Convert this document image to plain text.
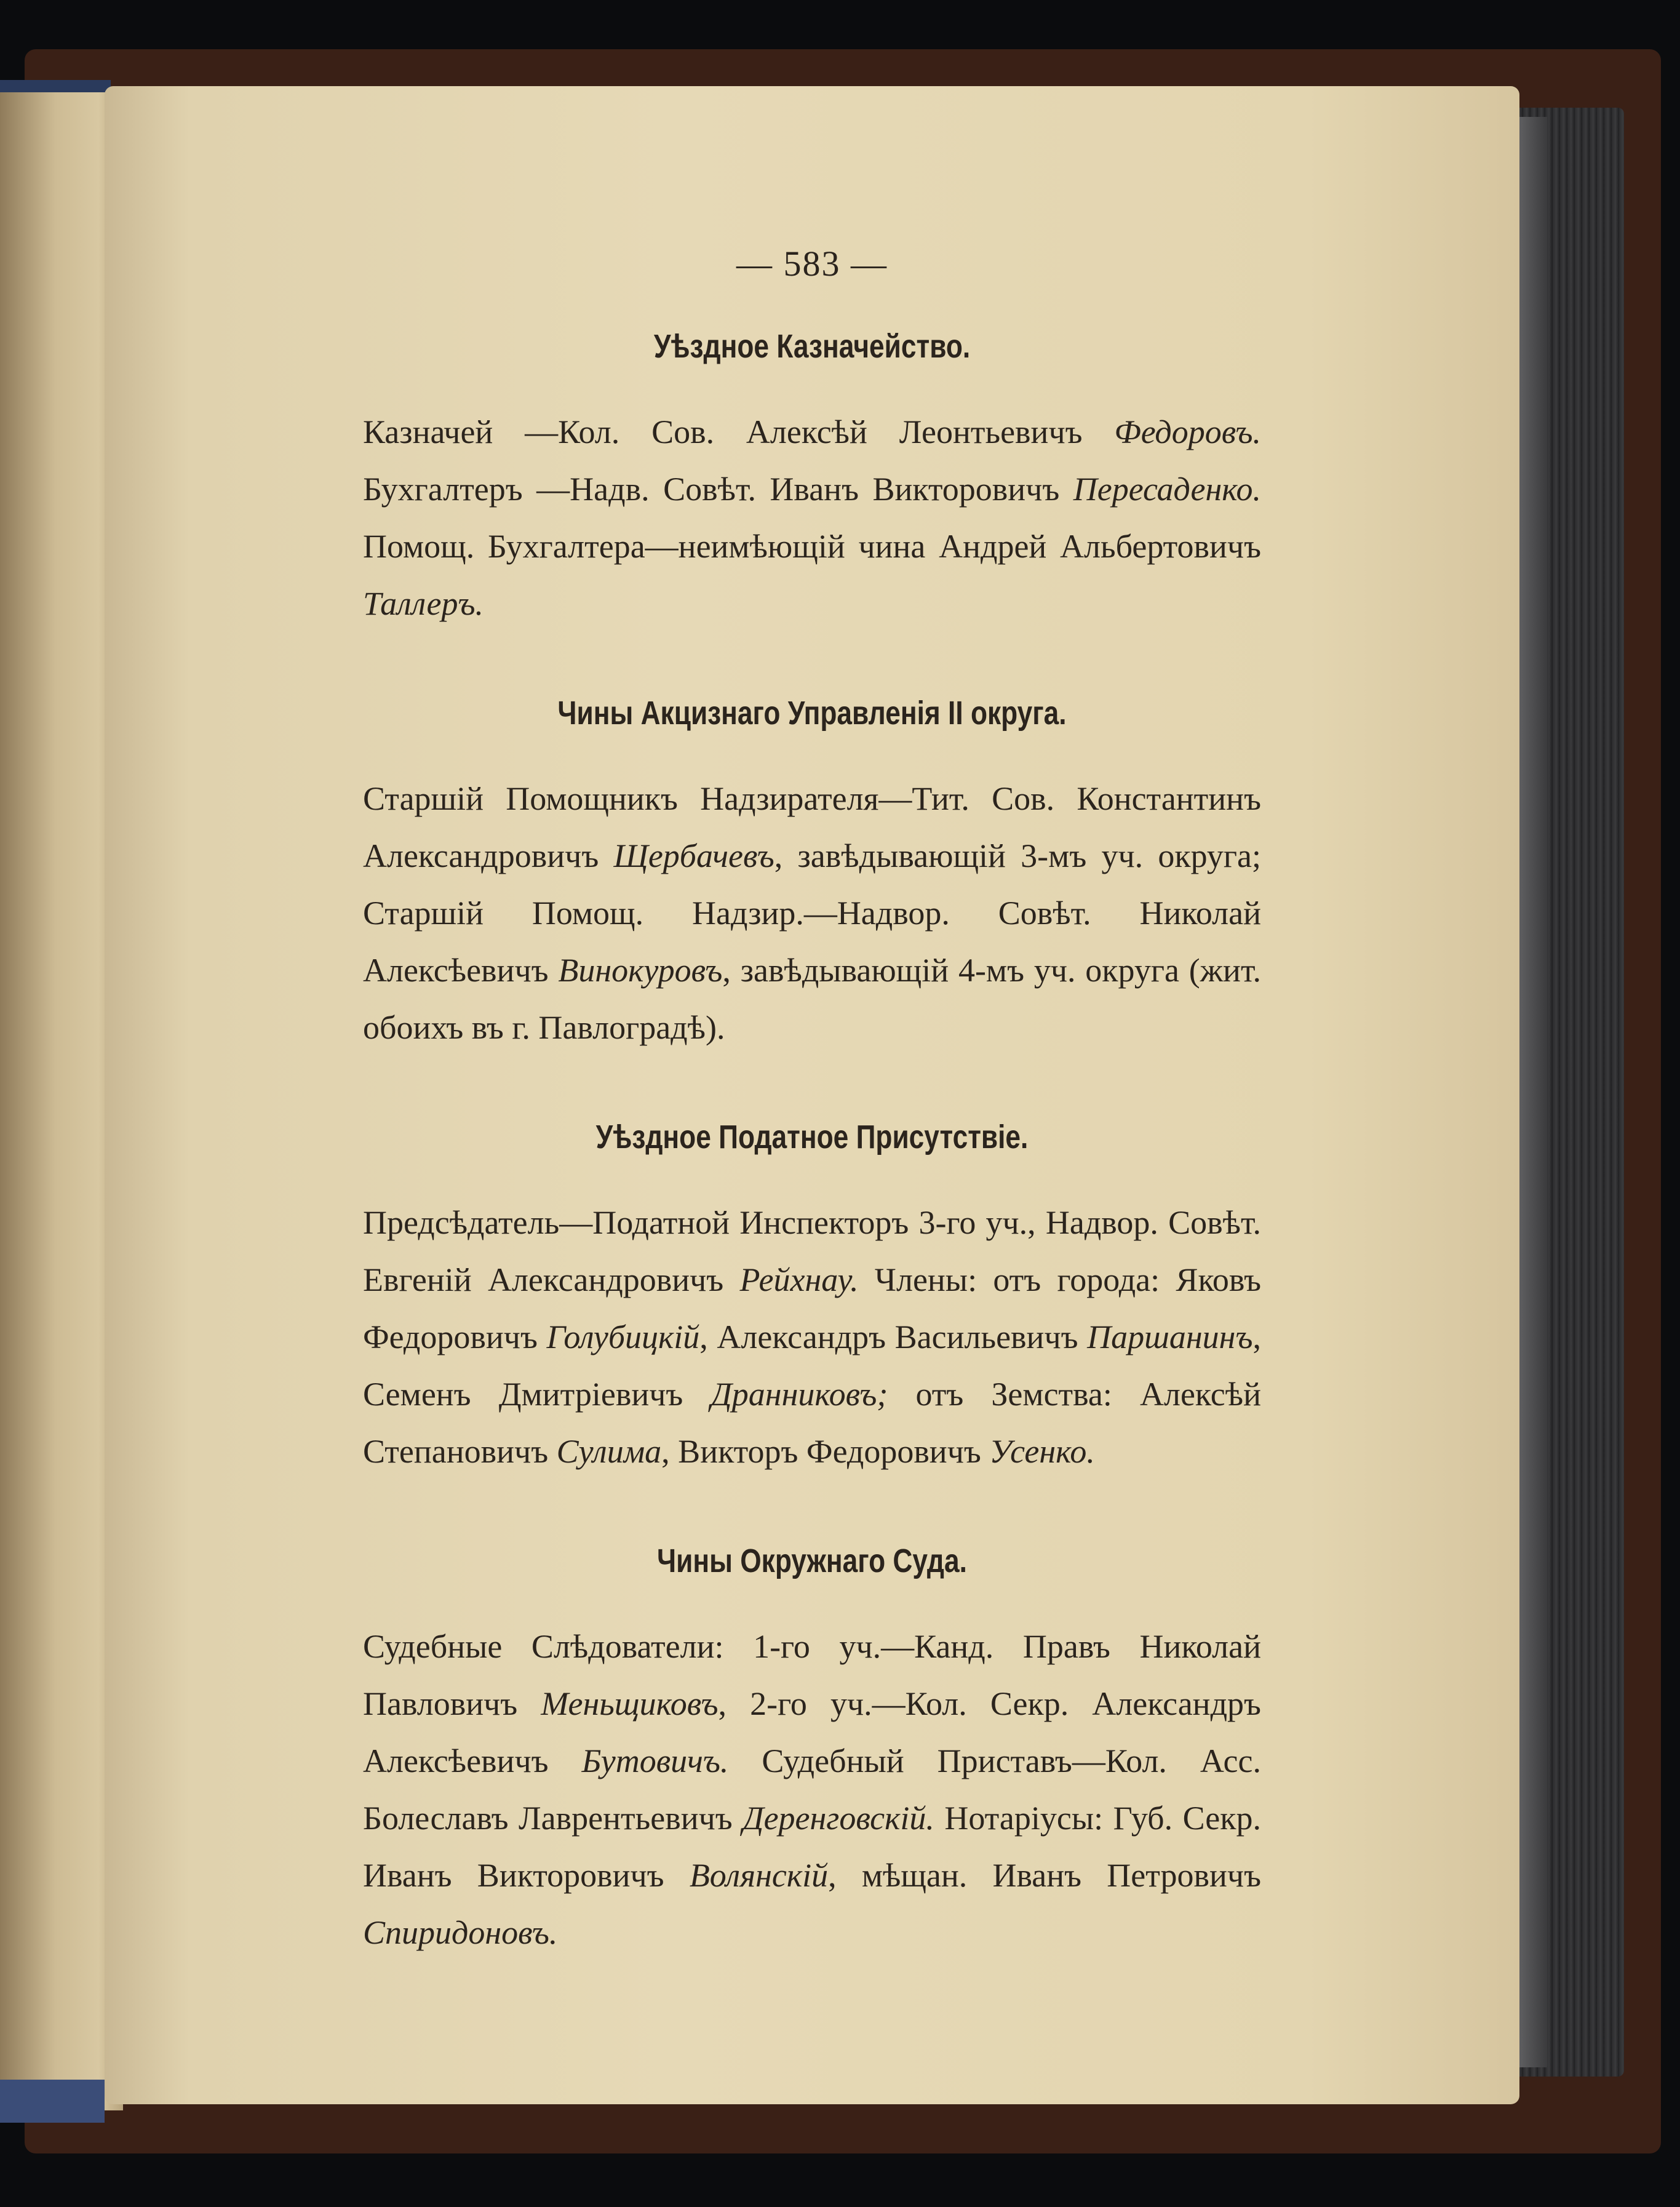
— 583 —
Уѣздное Казначейство.

Казначей —Кол. Сов. Алексѣй Леонтьевичъ Федоровъ. Бухгалтеръ —Надв. Совѣт. Иванъ Викторовичъ Пересаденко. Помощ. Бухгалтера—неимѣющій чина Андрей Альбертовичъ Таллеръ.

Чины Акцизнаго Управленія II округа.

Старшій Помощникъ Надзирателя—Тит. Сов. Константинъ Александровичъ Щербачевъ, завѣдывающій 3-мъ уч. округа; Старшій Помощ. Надзир.—Надвор. Совѣт. Николай Алексѣевичъ Винокуровъ, завѣдывающій 4-мъ уч. округа (жит. обоихъ въ г. Павлоградѣ).

Уѣздное Податное Присутствіе.

Предсѣдатель—Податной Инспекторъ 3-го уч., Надвор. Совѣт. Евгеній Александровичъ Рейхнау. Члены: отъ города: Яковъ Федоровичъ Голубицкій, Александръ Васильевичъ Паршанинъ, Семенъ Дмитріевичъ Дранниковъ; отъ Земства: Алексѣй Степановичъ Сулима, Викторъ Федоровичъ Усенко.

Чины Окружнаго Суда.

Судебные Слѣдователи: 1-го уч.—Канд. Правъ Николай Павловичъ Меньщиковъ, 2-го уч.—Кол. Секр. Александръ Алексѣевичъ Бутовичъ. Судебный Приставъ—Кол. Асс. Болеславъ Лаврентьевичъ Деренговскій. Нотаріусы: Губ. Секр. Иванъ Викторовичъ Волянскій, мѣщан. Иванъ Петровичъ Спиридоновъ.
